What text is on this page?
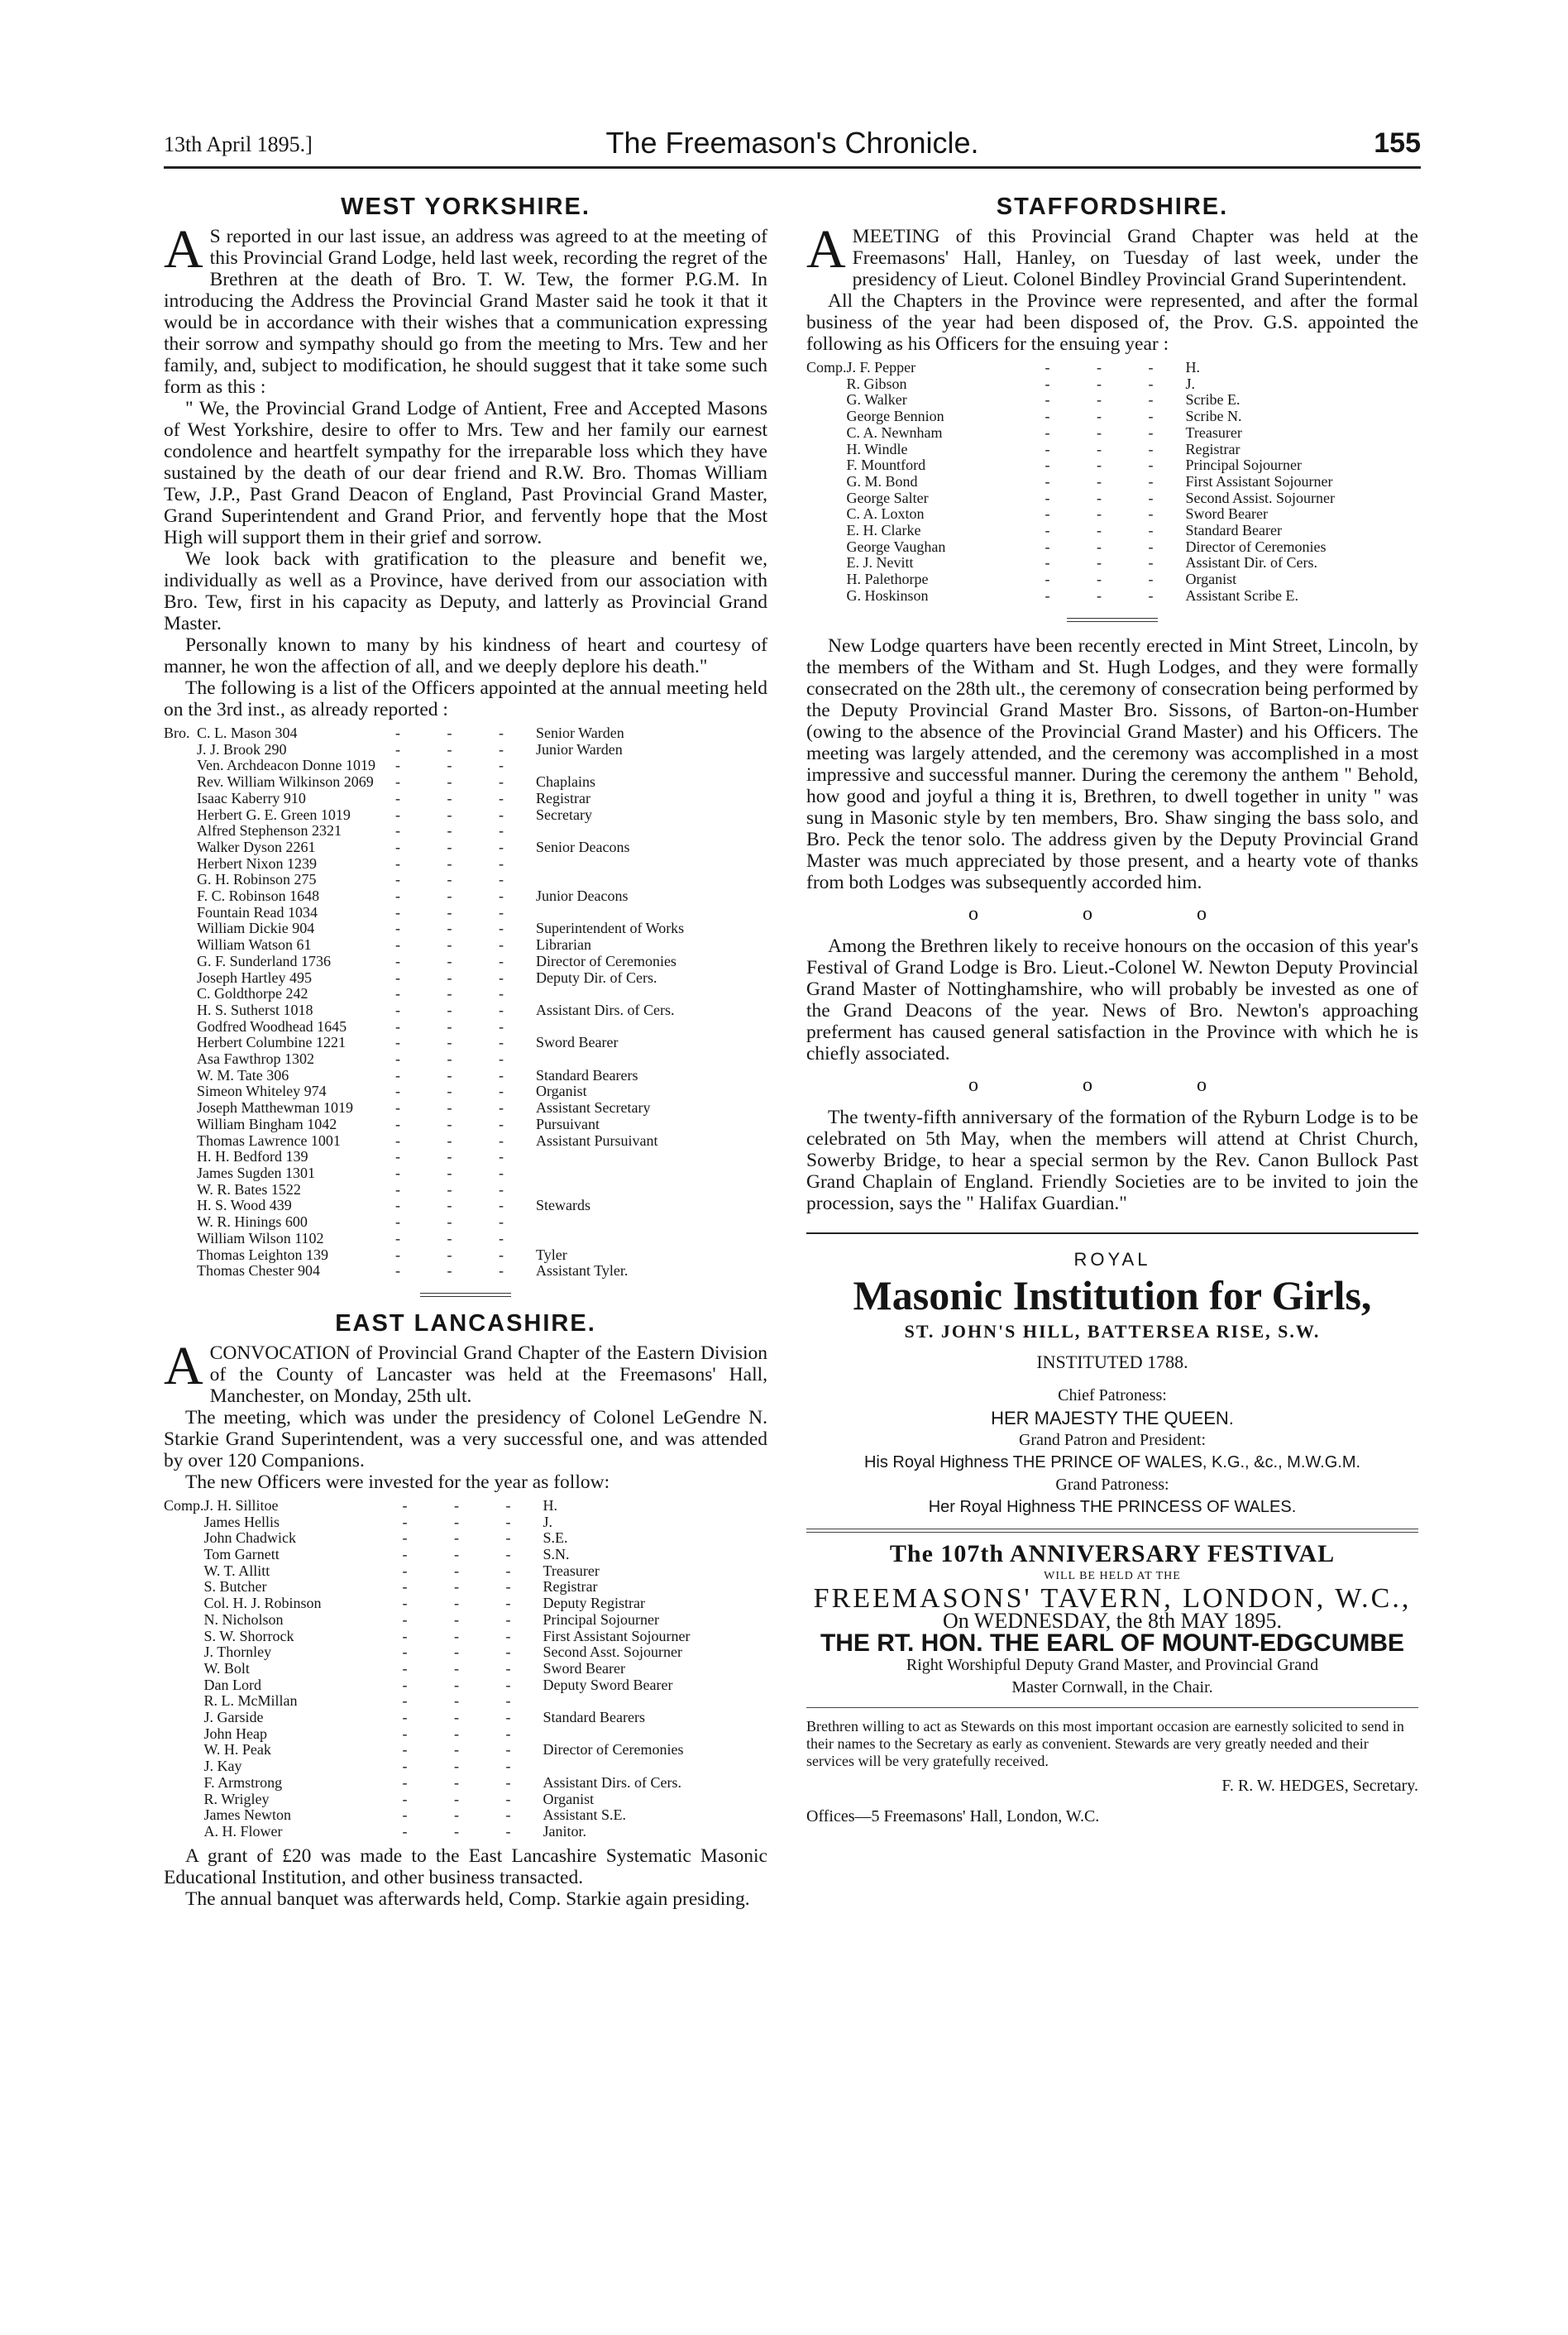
13th April 1895.]	The Freemason's Chronicle.	155
WEST YORKSHIRE.

A S reported in our last issue, an address was agreed to at the meeting of this Provincial Grand Lodge, held last week, recording the regret of the Brethren at the death of Bro. T. W. Tew, the former P.G.M. In introducing the Address the Provincial Grand Master said he took it that it would be in accordance with their wishes that a communication expressing their sorrow and sympathy should go from the meeting to Mrs. Tew and her family, and, subject to modification, he should suggest that it take some such form as this :

" We, the Provincial Grand Lodge of Antient, Free and Accepted Masons of West Yorkshire, desire to offer to Mrs. Tew and her family our earnest condolence and heartfelt sympathy for the irreparable loss which they have sustained by the death of our dear friend and R.W. Bro. Thomas William Tew, J.P., Past Grand Deacon of England, Past Provincial Grand Master, Grand Superintendent and Grand Prior, and fervently hope that the Most High will support them in their grief and sorrow.

We look back with gratification to the pleasure and benefit we, individually as well as a Province, have derived from our association with Bro. Tew, first in his capacity as Deputy, and latterly as Provincial Grand Master.

Personally known to many by his kindness of heart and courtesy of manner, he won the affection of all, and we deeply deplore his death."

The following is a list of the Officers appointed at the annual meeting held on the 3rd inst., as already reported :

Bro.	C. L. Mason 304	- - -	Senior Warden
	J. J. Brook 290	- - -	Junior Warden
	Ven. Archdeacon Donne 1019	- - -	
	Rev. William Wilkinson 2069	- - -	Chaplains
	Isaac Kaberry 910	- - -	Registrar
	Herbert G. E. Green 1019	- - -	Secretary
	Alfred Stephenson 2321	- - -	
	Walker Dyson 2261	- - -	Senior Deacons
	Herbert Nixon 1239	- - -	
	G. H. Robinson 275	- - -	
	F. C. Robinson 1648	- - -	Junior Deacons
	Fountain Read 1034	- - -	
	William Dickie 904	- - -	Superintendent of Works
	William Watson 61	- - -	Librarian
	G. F. Sunderland 1736	- - -	Director of Ceremonies
	Joseph Hartley 495	- - -	Deputy Dir. of Cers.
	C. Goldthorpe 242	- - -	
	H. S. Sutherst 1018	- - -	Assistant Dirs. of Cers.
	Godfred Woodhead 1645	- - -	
	Herbert Columbine 1221	- - -	Sword Bearer
	Asa Fawthrop 1302	- - -	
	W. M. Tate 306	- - -	Standard Bearers
	Simeon Whiteley 974	- - -	Organist
	Joseph Matthewman 1019	- - -	Assistant Secretary
	William Bingham 1042	- - -	Pursuivant
	Thomas Lawrence 1001	- - -	Assistant Pursuivant
	H. H. Bedford 139	- - -	
	James Sugden 1301	- - -	
	W. R. Bates 1522	- - -	
	H. S. Wood 439	- - -	Stewards
	W. R. Hinings 600	- - -	
	William Wilson 1102	- - -	
	Thomas Leighton 139	- - -	Tyler
	Thomas Chester 904	- - -	Assistant Tyler.
EAST LANCASHIRE.

ACONVOCATION of Provincial Grand Chapter of the Eastern Division of the County of Lancaster was held at the Freemasons' Hall, Manchester, on Monday, 25th ult.

The meeting, which was under the presidency of Colonel LeGendre N. Starkie Grand Superintendent, was a very successful one, and was attended by over 120 Companions.

The new Officers were invested for the year as follow:

Comp.	J. H. Sillitoe	- - -	H.
	James Hellis	- - -	J.
	John Chadwick	- - -	S.E.
	Tom Garnett	- - -	S.N.
	W. T. Allitt	- - -	Treasurer
	S. Butcher	- - -	Registrar
	Col. H. J. Robinson	- - -	Deputy Registrar
	N. Nicholson	- - -	Principal Sojourner
	S. W. Shorrock	- - -	First Assistant Sojourner
	J. Thornley	- - -	Second Asst. Sojourner
	W. Bolt	- - -	Sword Bearer
	Dan Lord	- - -	Deputy Sword Bearer
	R. L. McMillan	- - -	
	J. Garside	- - -	Standard Bearers
	John Heap	- - -	
	W. H. Peak	- - -	Director of Ceremonies
	J. Kay	- - -	
	F. Armstrong	- - -	Assistant Dirs. of Cers.
	R. Wrigley	- - -	Organist
	James Newton	- - -	Assistant S.E.
	A. H. Flower	- - -	Janitor.

A grant of £20 was made to the East Lancashire Systematic Masonic Educational Institution, and other business transacted.

The annual banquet was afterwards held, Comp. Starkie again presiding.

STAFFORDSHIRE.

AMEETING of this Provincial Grand Chapter was held at the Freemasons' Hall, Hanley, on Tuesday of last week, under the presidency of Lieut. Colonel Bindley Provincial Grand Superintendent.

All the Chapters in the Province were represented, and after the formal business of the year had been disposed of, the Prov. G.S. appointed the following as his Officers for the ensuing year :

Comp.	J. F. Pepper	- - -	H.
	R. Gibson	- - -	J.
	G. Walker	- - -	Scribe E.
	George Bennion	- - -	Scribe N.
	C. A. Newnham	- - -	Treasurer
	H. Windle	- - -	Registrar
	F. Mountford	- - -	Principal Sojourner
	G. M. Bond	- - -	First Assistant Sojourner
	George Salter	- - -	Second Assist. Sojourner
	C. A. Loxton	- - -	Sword Bearer
	E. H. Clarke	- - -	Standard Bearer
	George Vaughan	- - -	Director of Ceremonies
	E. J. Nevitt	- - -	Assistant Dir. of Cers.
	H. Palethorpe	- - -	Organist
	G. Hoskinson	- - -	Assistant Scribe E.

New Lodge quarters have been recently erected in Mint Street, Lincoln, by the members of the Witham and St. Hugh Lodges, and they were formally consecrated on the 28th ult., the ceremony of consecration being performed by the Deputy Provincial Grand Master Bro. Sissons, of Barton-on-Humber (owing to the absence of the Provincial Grand Master) and his Officers. The meeting was largely attended, and the ceremony was accomplished in a most impressive and successful manner. During the ceremony the anthem " Behold, how good and joyful a thing it is, Brethren, to dwell together in unity " was sung in Masonic style by ten members, Bro. Shaw singing the bass solo, and Bro. Peck the tenor solo. The address given by the Deputy Provincial Grand Master was much appreciated by those present, and a hearty vote of thanks from both Lodges was subsequently accorded him.

o o o

Among the Brethren likely to receive honours on the occasion of this year's Festival of Grand Lodge is Bro. Lieut.-Colonel W. Newton Deputy Provincial Grand Master of Nottinghamshire, who will probably be invested as one of the Grand Deacons of the year. News of Bro. Newton's approaching preferment has caused general satisfaction in the Province with which he is chiefly associated.

o o o

The twenty-fifth anniversary of the formation of the Ryburn Lodge is to be celebrated on 5th May, when the members will attend at Christ Church, Sowerby Bridge, to hear a special sermon by the Rev. Canon Bullock Past Grand Chaplain of England. Friendly Societies are to be invited to join the procession, says the " Halifax Guardian."

ROYAL
Masonic Institution for Girls,
ST. JOHN'S HILL, BATTERSEA RISE, S.W.
INSTITUTED 1788.
Chief Patroness:
HER MAJESTY THE QUEEN.
Grand Patron and President:
His Royal Highness THE PRINCE OF WALES, K.G., &c., M.W.G.M.
Grand Patroness:
Her Royal Highness THE PRINCESS OF WALES.
The 107th ANNIVERSARY FESTIVAL
WILL BE HELD AT THE
FREEMASONS' TAVERN, LONDON, W.C.,
On WEDNESDAY, the 8th MAY 1895.
THE RT. HON. THE EARL OF MOUNT-EDGCUMBE
Right Worshipful Deputy Grand Master, and Provincial Grand
Master Cornwall, in the Chair.
Brethren willing to act as Stewards on this most important occasion are earnestly solicited to send in their names to the Secretary as early as convenient. Stewards are very greatly needed and their services will be very gratefully received.
F. R. W. HEDGES, Secretary.
Offices—5 Freemasons' Hall, London, W.C.
